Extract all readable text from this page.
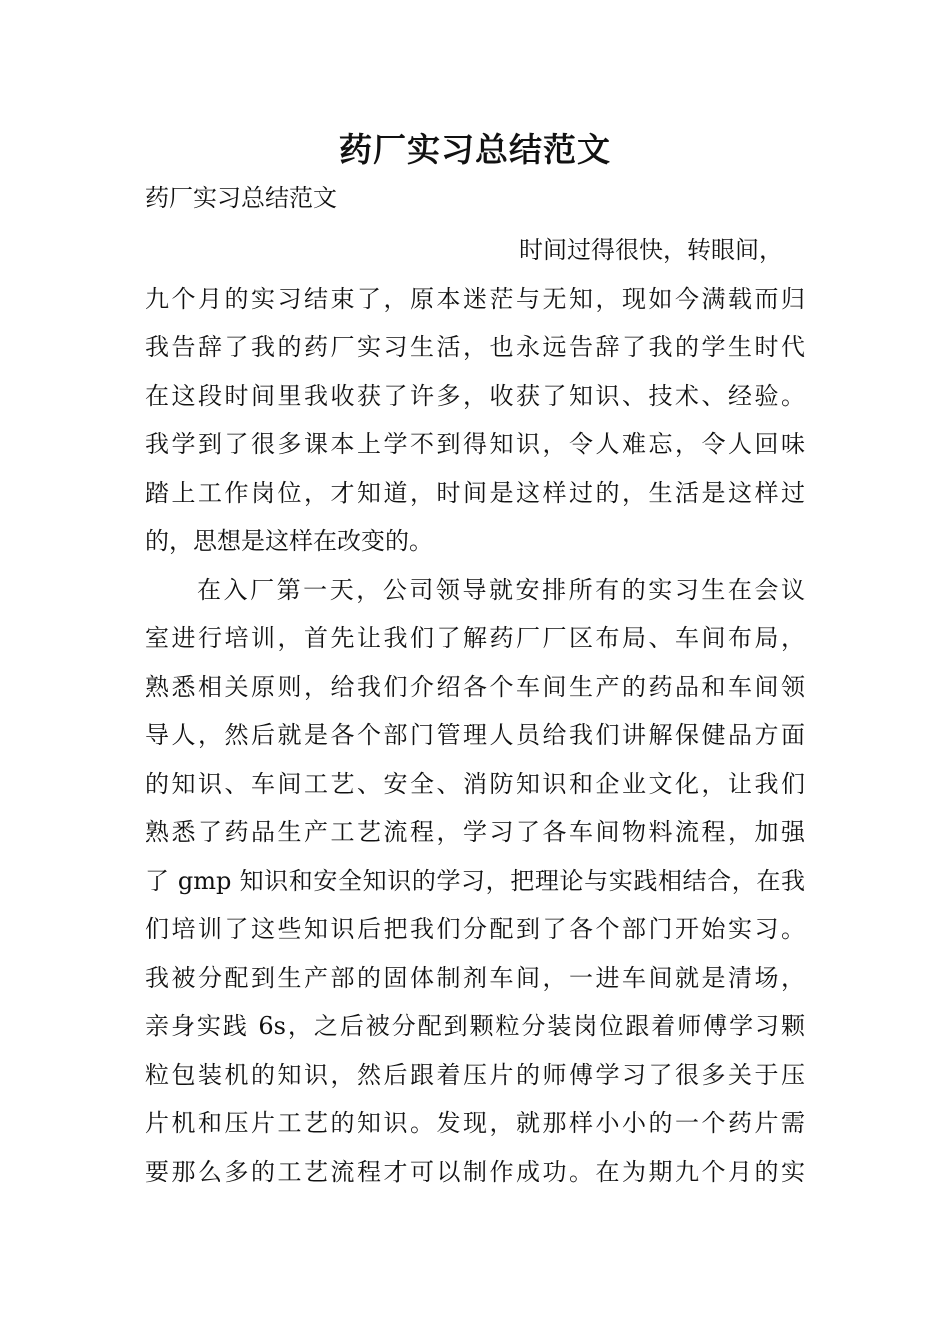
药厂实习总结范文
药厂实习总结范文
时间过得很快，转眼间，
九个月的实习结束了，原本迷茫与无知，现如今满载而归
我告辞了我的药厂实习生活，也永远告辞了我的学生时代
在这段时间里我收获了许多，收获了知识、技术、经验。
我学到了很多课本上学不到得知识，令人难忘，令人回味
踏上工作岗位，才知道，时间是这样过的，生活是这样过
的，思想是这样在改变的。
在入厂第一天，公司领导就安排所有的实习生在会议
室进行培训，首先让我们了解药厂厂区布局、车间布局，
熟悉相关原则，给我们介绍各个车间生产的药品和车间领
导人，然后就是各个部门管理人员给我们讲解保健品方面
的知识、车间工艺、安全、消防知识和企业文化，让我们
熟悉了药品生产工艺流程，学习了各车间物料流程，加强
了 gmp 知识和安全知识的学习，把理论与实践相结合，在我
们培训了这些知识后把我们分配到了各个部门开始实习。
我被分配到生产部的固体制剂车间，一进车间就是清场，
亲身实践 6s，之后被分配到颗粒分装岗位跟着师傅学习颗
粒包装机的知识，然后跟着压片的师傅学习了很多关于压
片机和压片工艺的知识。发现，就那样小小的一个药片需
要那么多的工艺流程才可以制作成功。在为期九个月的实
